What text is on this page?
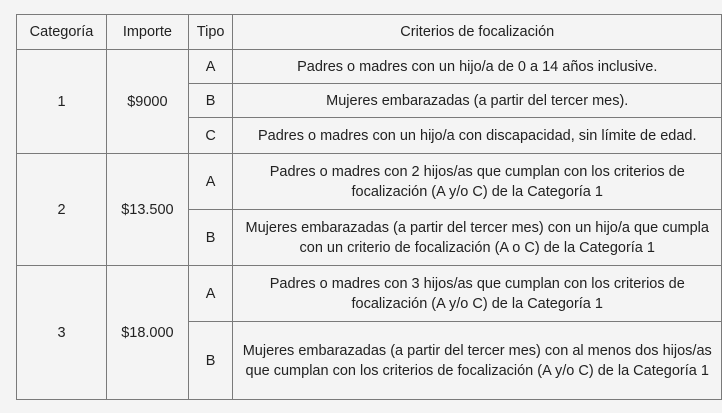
Categoría	Importe	Tipo	Criterios de focalización
1	$9000	A	Padres o madres con un hijo/a de 0 a 14 años inclusive.
		B	Mujeres embarazadas (a partir del tercer mes).
		C	Padres o madres con un hijo/a con discapacidad, sin límite de edad.
2	$13.500	A	Padres o madres con 2 hijos/as que cumplan con los criterios de focalización (A y/o C) de la Categoría 1
		B	Mujeres embarazadas (a partir del tercer mes) con un hijo/a que cumpla con un criterio de focalización (A o C) de la Categoría 1
3	$18.000	A	Padres o madres con 3 hijos/as que cumplan con los criterios de focalización (A y/o C) de la Categoría 1
		B	Mujeres embarazadas (a partir del tercer mes) con al menos dos hijos/as que cumplan con los criterios de focalización (A y/o C) de la Categoría 1
